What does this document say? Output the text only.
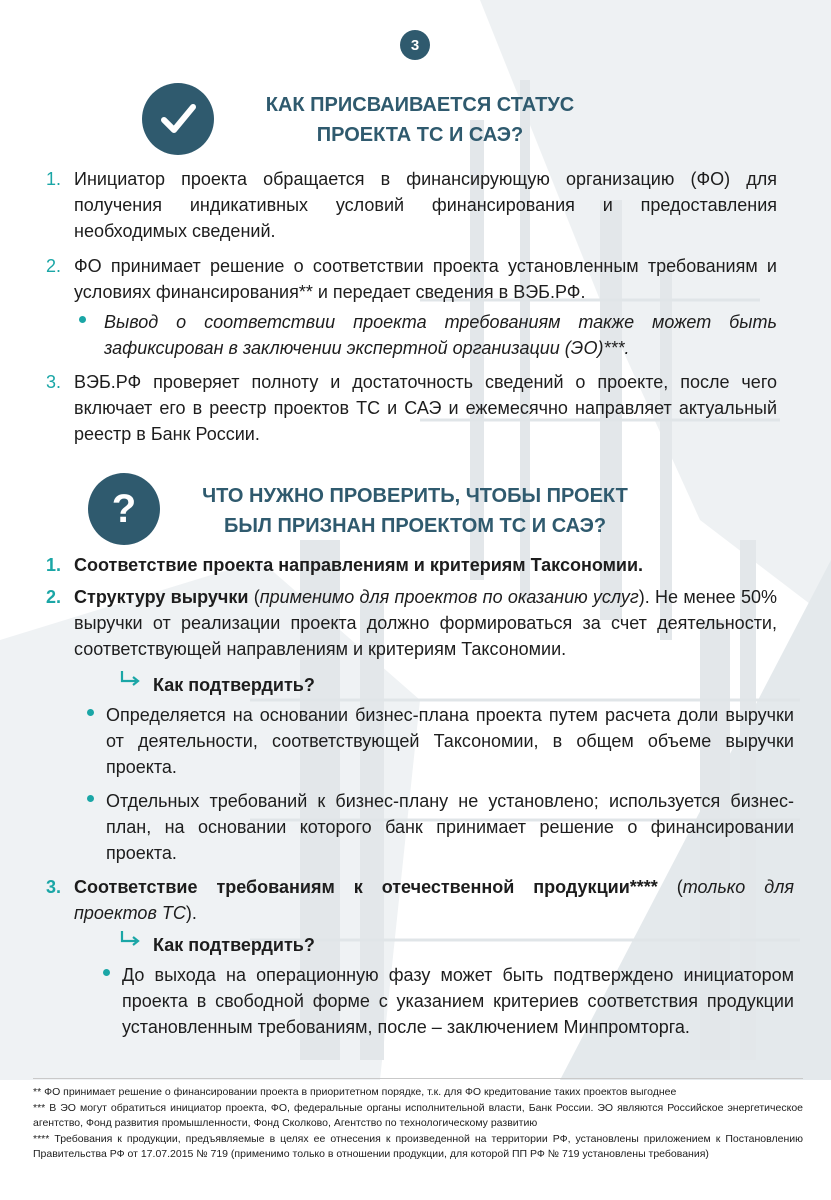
3
КАК ПРИСВАИВАЕТСЯ СТАТУС
ПРОЕКТА ТС И САЭ?
1. Инициатор проекта обращается в финансирующую организацию (ФО) для получения индикативных условий финансирования и предоставления необходимых сведений.
2. ФО принимает решение о соответствии проекта установленным требованиям и условиях финансирования** и передает сведения в ВЭБ.РФ.
Вывод о соответствии проекта требованиям также может быть зафиксирован в заключении экспертной организации (ЭО)***.
3. ВЭБ.РФ проверяет полноту и достаточность сведений о проекте, после чего включает его в реестр проектов ТС и САЭ и ежемесячно направляет актуальный реестр в Банк России.
?	ЧТО НУЖНО ПРОВЕРИТЬ, ЧТОБЫ ПРОЕКТ
БЫЛ ПРИЗНАН ПРОЕКТОМ ТС И САЭ?
1. Соответствие проекта направлениям и критериям Таксономии.
2. Структуру выручки (применимо для проектов по оказанию услуг). Не менее 50% выручки от реализации проекта должно формироваться за счет деятельности, соответствующей направлениям и критериям Таксономии.
Как подтвердить?
Определяется на основании бизнес-плана проекта путем расчета доли выручки от деятельности, соответствующей Таксономии, в общем объеме выручки проекта.
Отдельных требований к бизнес-плану не установлено; используется бизнес-план, на основании которого банк принимает решение о финансировании проекта.
3. Соответствие требованиям к отечественной продукции**** (только для проектов ТС).
Как подтвердить?
До выхода на операционную фазу может быть подтверждено инициатором проекта в свободной форме с указанием критериев соответствия продукции установленным требованиям, после – заключением Минпромторга.
** ФО принимает решение о финансировании проекта в приоритетном порядке, т.к. для ФО кредитование таких проектов выгоднее
*** В ЭО могут обратиться инициатор проекта, ФО, федеральные органы исполнительной власти, Банк России. ЭО являются Российское энергетическое агентство, Фонд развития промышленности, Фонд Сколково, Агентство по технологическому развитию
**** Требования к продукции, предъявляемые в целях ее отнесения к произведенной на территории РФ, установлены приложением к Постановлению Правительства РФ от 17.07.2015 № 719 (применимо только в отношении продукции, для которой ПП РФ № 719 установлены требования)
